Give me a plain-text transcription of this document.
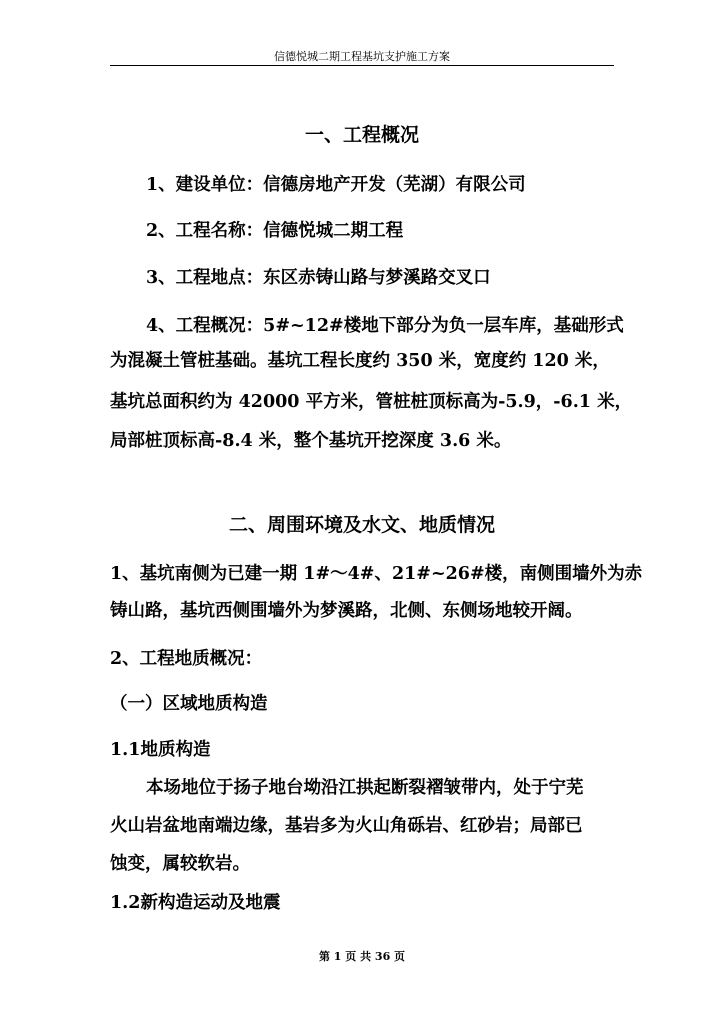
信德悦城二期工程基坑支护施工方案
一、工程概况
1、建设单位：信德房地产开发（芜湖）有限公司
2、工程名称：信德悦城二期工程
3、工程地点：东区赤铸山路与梦溪路交叉口
4、工程概况：5#~12#楼地下部分为负一层车库，基础形式
为混凝土管桩基础。基坑工程长度约 350 米，宽度约 120 米，
基坑总面积约为 42000 平方米，管桩桩顶标高为-5.9，-6.1 米，
局部桩顶标高-8.4 米，整个基坑开挖深度 3.6 米。
二、周围环境及水文、地质情况
1、基坑南侧为已建一期 1#～4#、21#~26#楼，南侧围墙外为赤
铸山路，基坑西侧围墙外为梦溪路，北侧、东侧场地较开阔。
2、工程地质概况：
（一）区域地质构造
1.1地质构造
本场地位于扬子地台坳沿江拱起断裂褶皱带内，处于宁芜
火山岩盆地南端边缘，基岩多为火山角砾岩、红砂岩；局部已
蚀变，属较软岩。
1.2新构造运动及地震
第 1 页 共 36 页
